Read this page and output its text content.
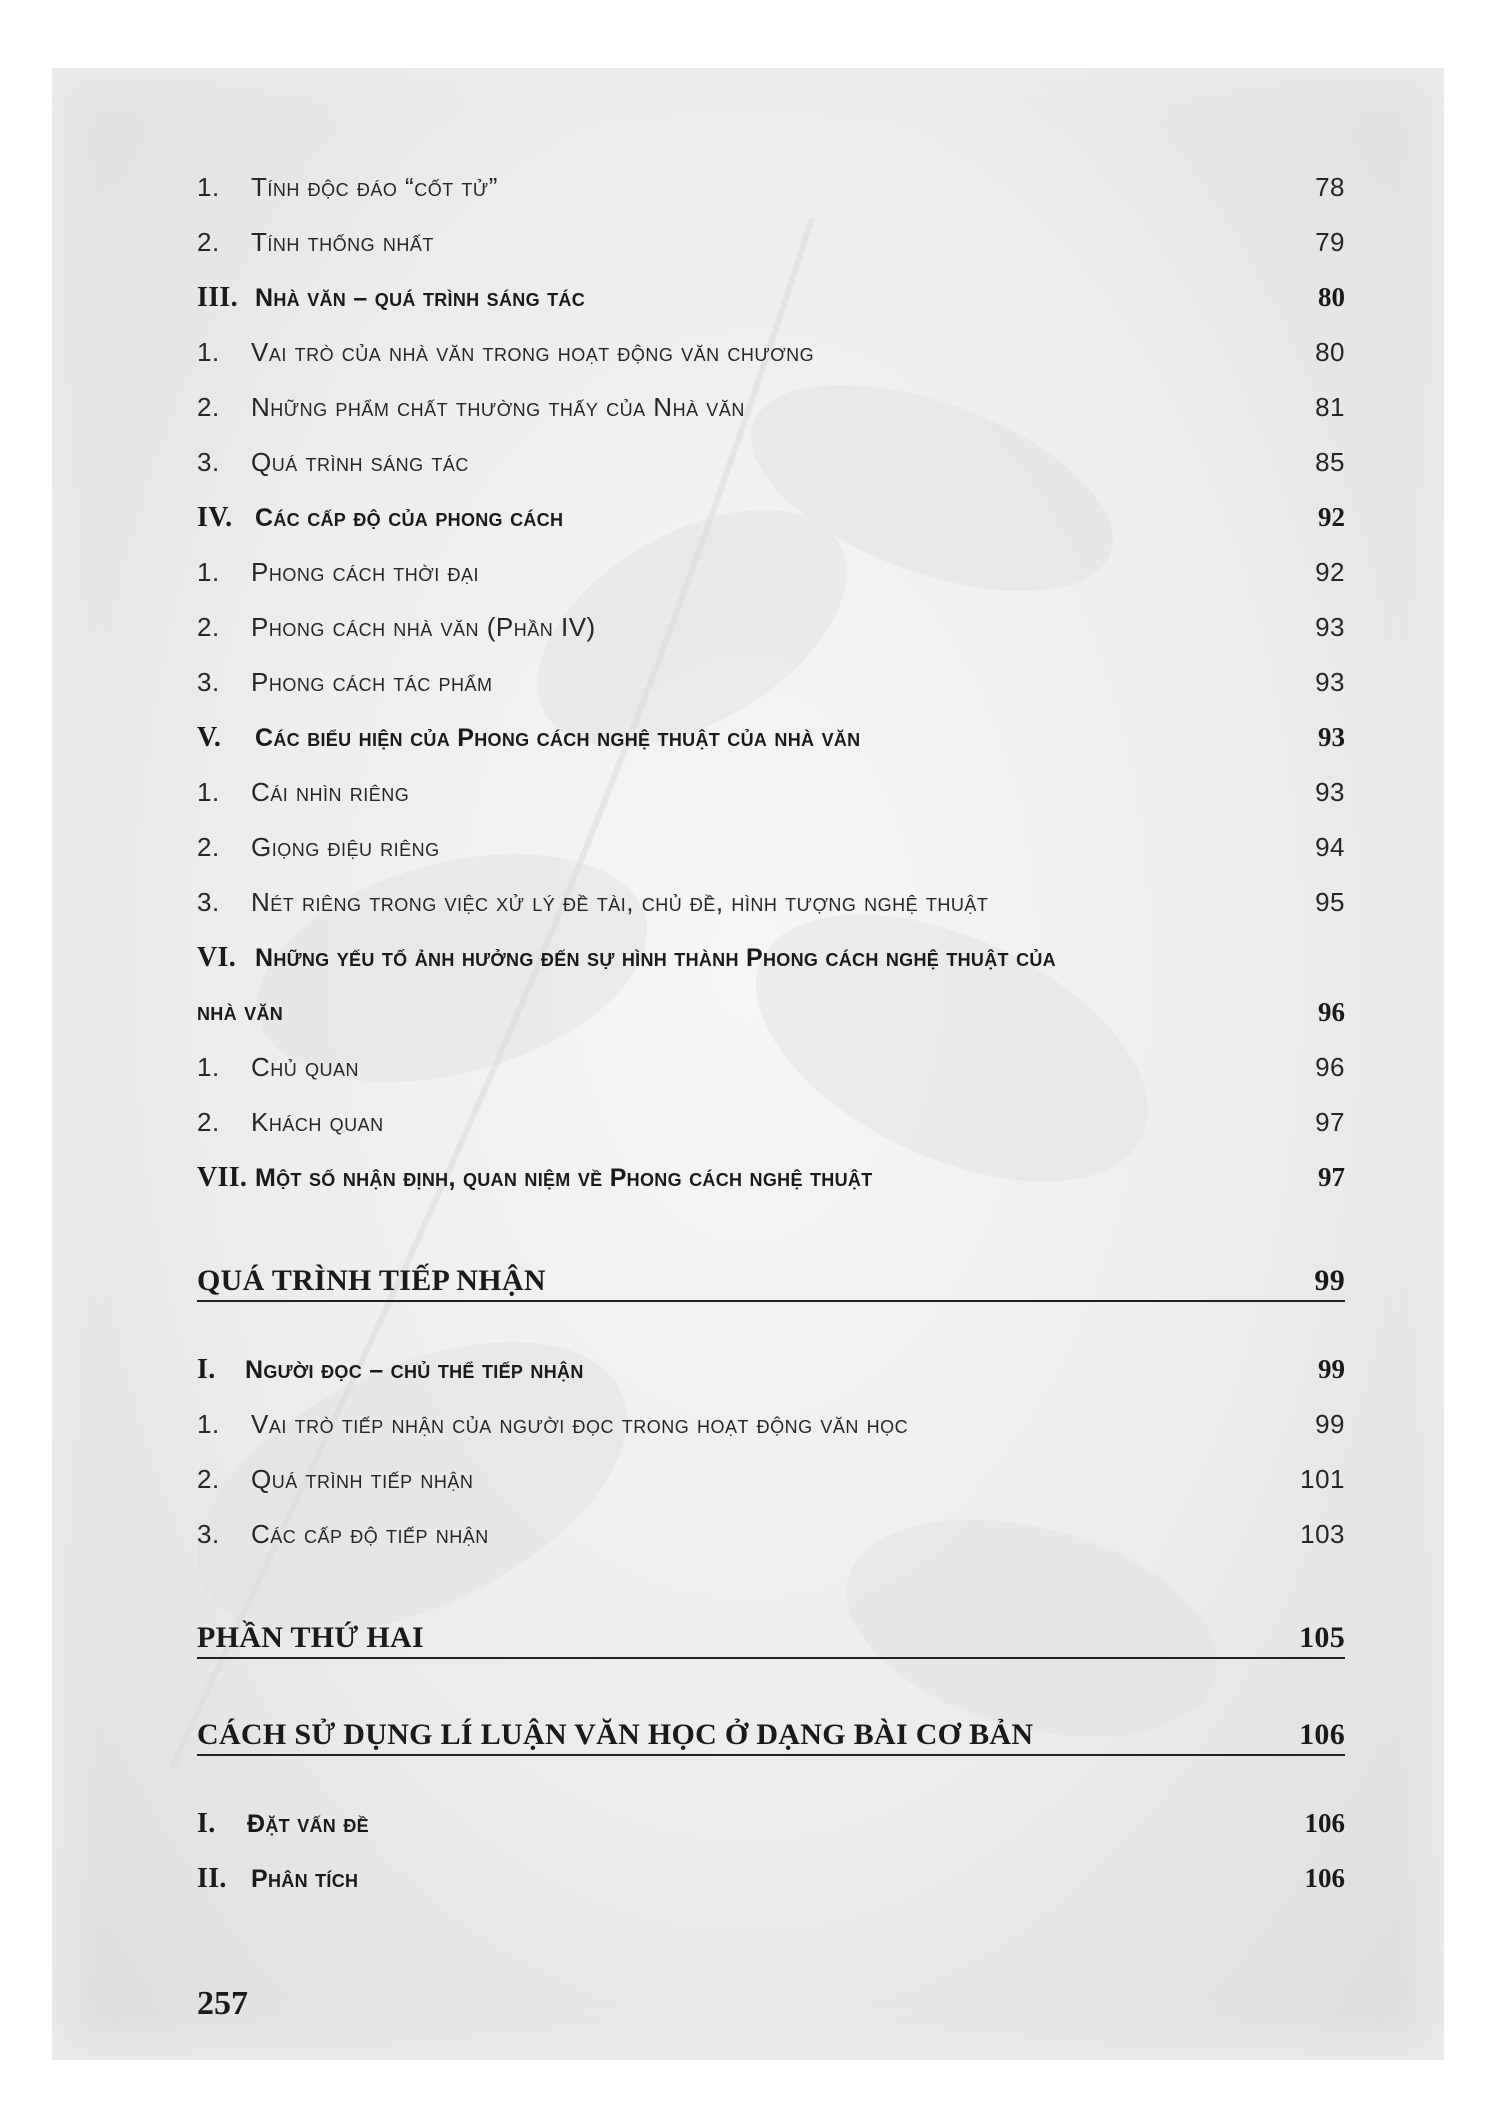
1. Tính độc đáo “cốt tử”	78
2. Tính thống nhất	79
III. Nhà văn – quá trình sáng tác	80
1. Vai trò của nhà văn trong hoạt động văn chương	80
2. Những phẩm chất thường thấy của Nhà văn	81
3. Quá trình sáng tác	85
IV. Các cấp độ của phong cách	92
1. Phong cách thời đại	92
2. Phong cách nhà văn (Phần IV)	93
3. Phong cách tác phẩm	93
V. Các biểu hiện của Phong cách nghệ thuật của nhà văn	93
1. Cái nhìn riêng	93
2. Giọng điệu riêng	94
3. Nét riêng trong việc xử lý đề tài, chủ đề, hình tượng nghệ thuật	95
VI. Những yếu tố ảnh hưởng đến sự hình thành Phong cách nghệ thuật của
nhà văn	96
1. Chủ quan	96
2. Khách quan	97
VII. Một số nhận định, quan niệm về Phong cách nghệ thuật	97
QUÁ TRÌNH TIẾP NHẬN	99
I. Người đọc – chủ thể tiếp nhận	99
1. Vai trò tiếp nhận của người đọc trong hoạt động văn học	99
2. Quá trình tiếp nhận	101
3. Các cấp độ tiếp nhận	103
PHẦN THỨ HAI	105
CÁCH SỬ DỤNG LÍ LUẬN VĂN HỌC Ở DẠNG BÀI CƠ BẢN	106
I. Đặt vấn đề	106
II. Phân tích	106
257
